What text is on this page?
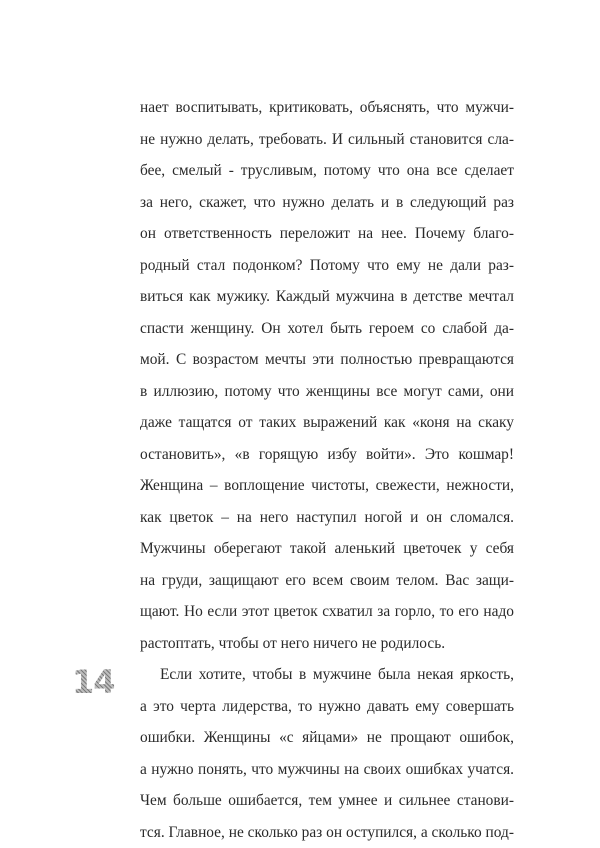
нает воспитывать, критиковать, объяснять, что мужчи-
не нужно делать, требовать. И сильный становится сла-
бее, смелый - трусливым, потому что она все сделает
за него, скажет, что нужно делать и в следующий раз
он ответственность переложит на нее. Почему благо-
родный стал подонком? Потому что ему не дали раз-
виться как мужику. Каждый мужчина в детстве мечтал
спасти женщину. Он хотел быть героем со слабой да-
мой. С возрастом мечты эти полностью превращаются
в иллюзию, потому что женщины все могут сами, они
даже тащатся от таких выражений как «коня на скаку
остановить», «в горящую избу войти». Это кошмар!
Женщина – воплощение чистоты, свежести, нежности,
как цветок – на него наступил ногой и он сломался.
Мужчины оберегают такой аленький цветочек у себя
на груди, защищают его всем своим телом. Вас защи-
щают. Но если этот цветок схватил за горло, то его надо
растоптать, чтобы от него ничего не родилось.
Если хотите, чтобы в мужчине была некая яркость,
а это черта лидерства, то нужно давать ему совершать
ошибки. Женщины «с яйцами» не прощают ошибок,
а нужно понять, что мужчины на своих ошибках учатся.
Чем больше ошибается, тем умнее и сильнее станови-
тся. Главное, не сколько раз он оступился, а сколько под-
14
